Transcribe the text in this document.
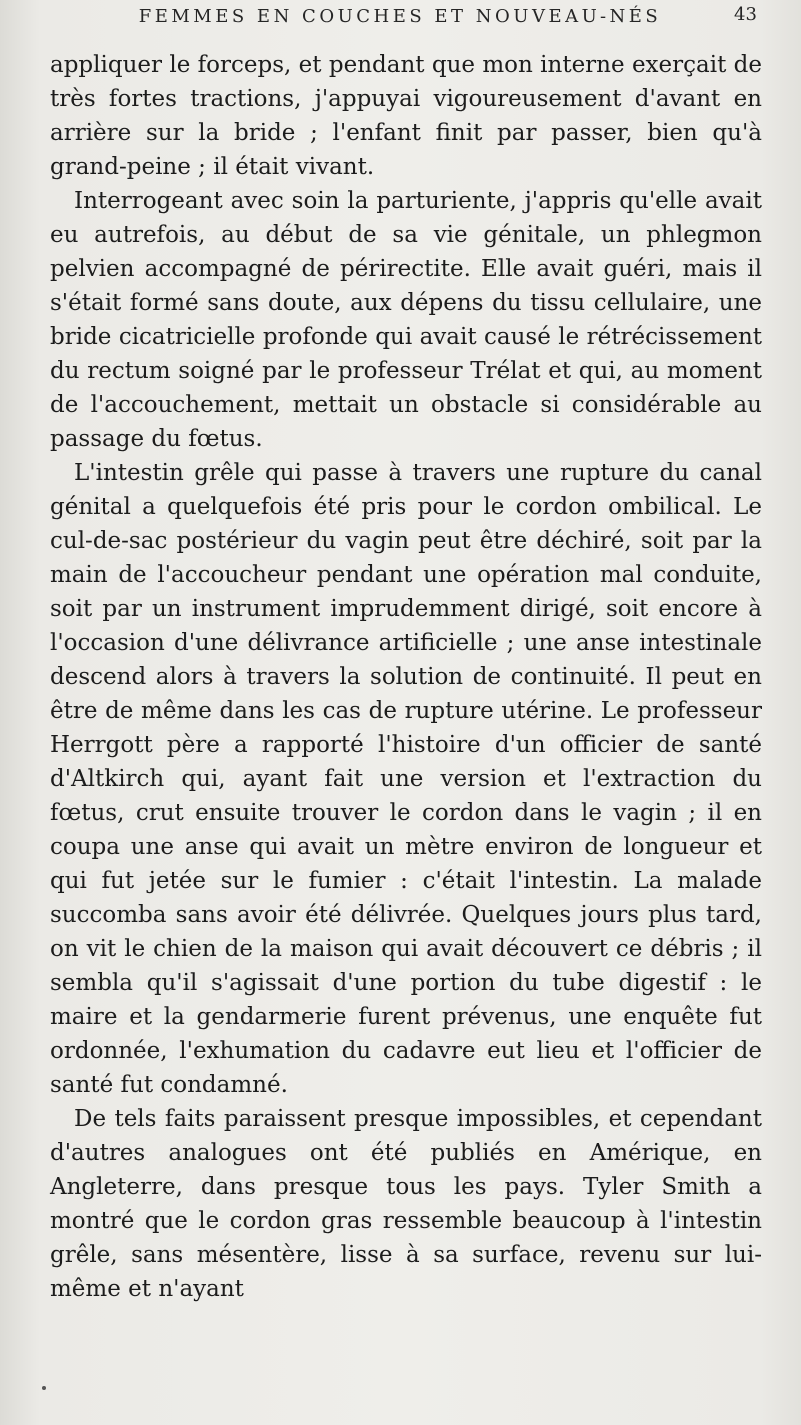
FEMMES EN COUCHES ET NOUVEAU-NÉS	43

appliquer le forceps, et pendant que mon interne exerçait de très fortes tractions, j'appuyai vigoureusement d'avant en arrière sur la bride ; l'enfant finit par passer, bien qu'à grand-peine ; il était vivant.

Interrogeant avec soin la parturiente, j'appris qu'elle avait eu autrefois, au début de sa vie génitale, un phlegmon pelvien accompagné de périrectite. Elle avait guéri, mais il s'était formé sans doute, aux dépens du tissu cellulaire, une bride cicatricielle profonde qui avait causé le rétrécissement du rectum soigné par le professeur Trélat et qui, au moment de l'accouchement, mettait un obstacle si considérable au passage du fœtus.

L'intestin grêle qui passe à travers une rupture du canal génital a quelquefois été pris pour le cordon ombilical. Le cul-de-sac postérieur du vagin peut être déchiré, soit par la main de l'accoucheur pendant une opération mal conduite, soit par un instrument imprudemment dirigé, soit encore à l'occasion d'une délivrance artificielle ; une anse intestinale descend alors à travers la solution de continuité. Il peut en être de même dans les cas de rupture utérine. Le professeur Herrgott père a rapporté l'histoire d'un officier de santé d'Altkirch qui, ayant fait une version et l'extraction du fœtus, crut ensuite trouver le cordon dans le vagin ; il en coupa une anse qui avait un mètre environ de longueur et qui fut jetée sur le fumier : c'était l'intestin. La malade succomba sans avoir été délivrée. Quelques jours plus tard, on vit le chien de la maison qui avait découvert ce débris ; il sembla qu'il s'agissait d'une portion du tube digestif : le maire et la gendarmerie furent prévenus, une enquête fut ordonnée, l'exhumation du cadavre eut lieu et l'officier de santé fut condamné.

De tels faits paraissent presque impossibles, et cependant d'autres analogues ont été publiés en Amérique, en Angleterre, dans presque tous les pays. Tyler Smith a montré que le cordon gras ressemble beaucoup à l'intestin grêle, sans mésentère, lisse à sa surface, revenu sur lui-même et n'ayant
